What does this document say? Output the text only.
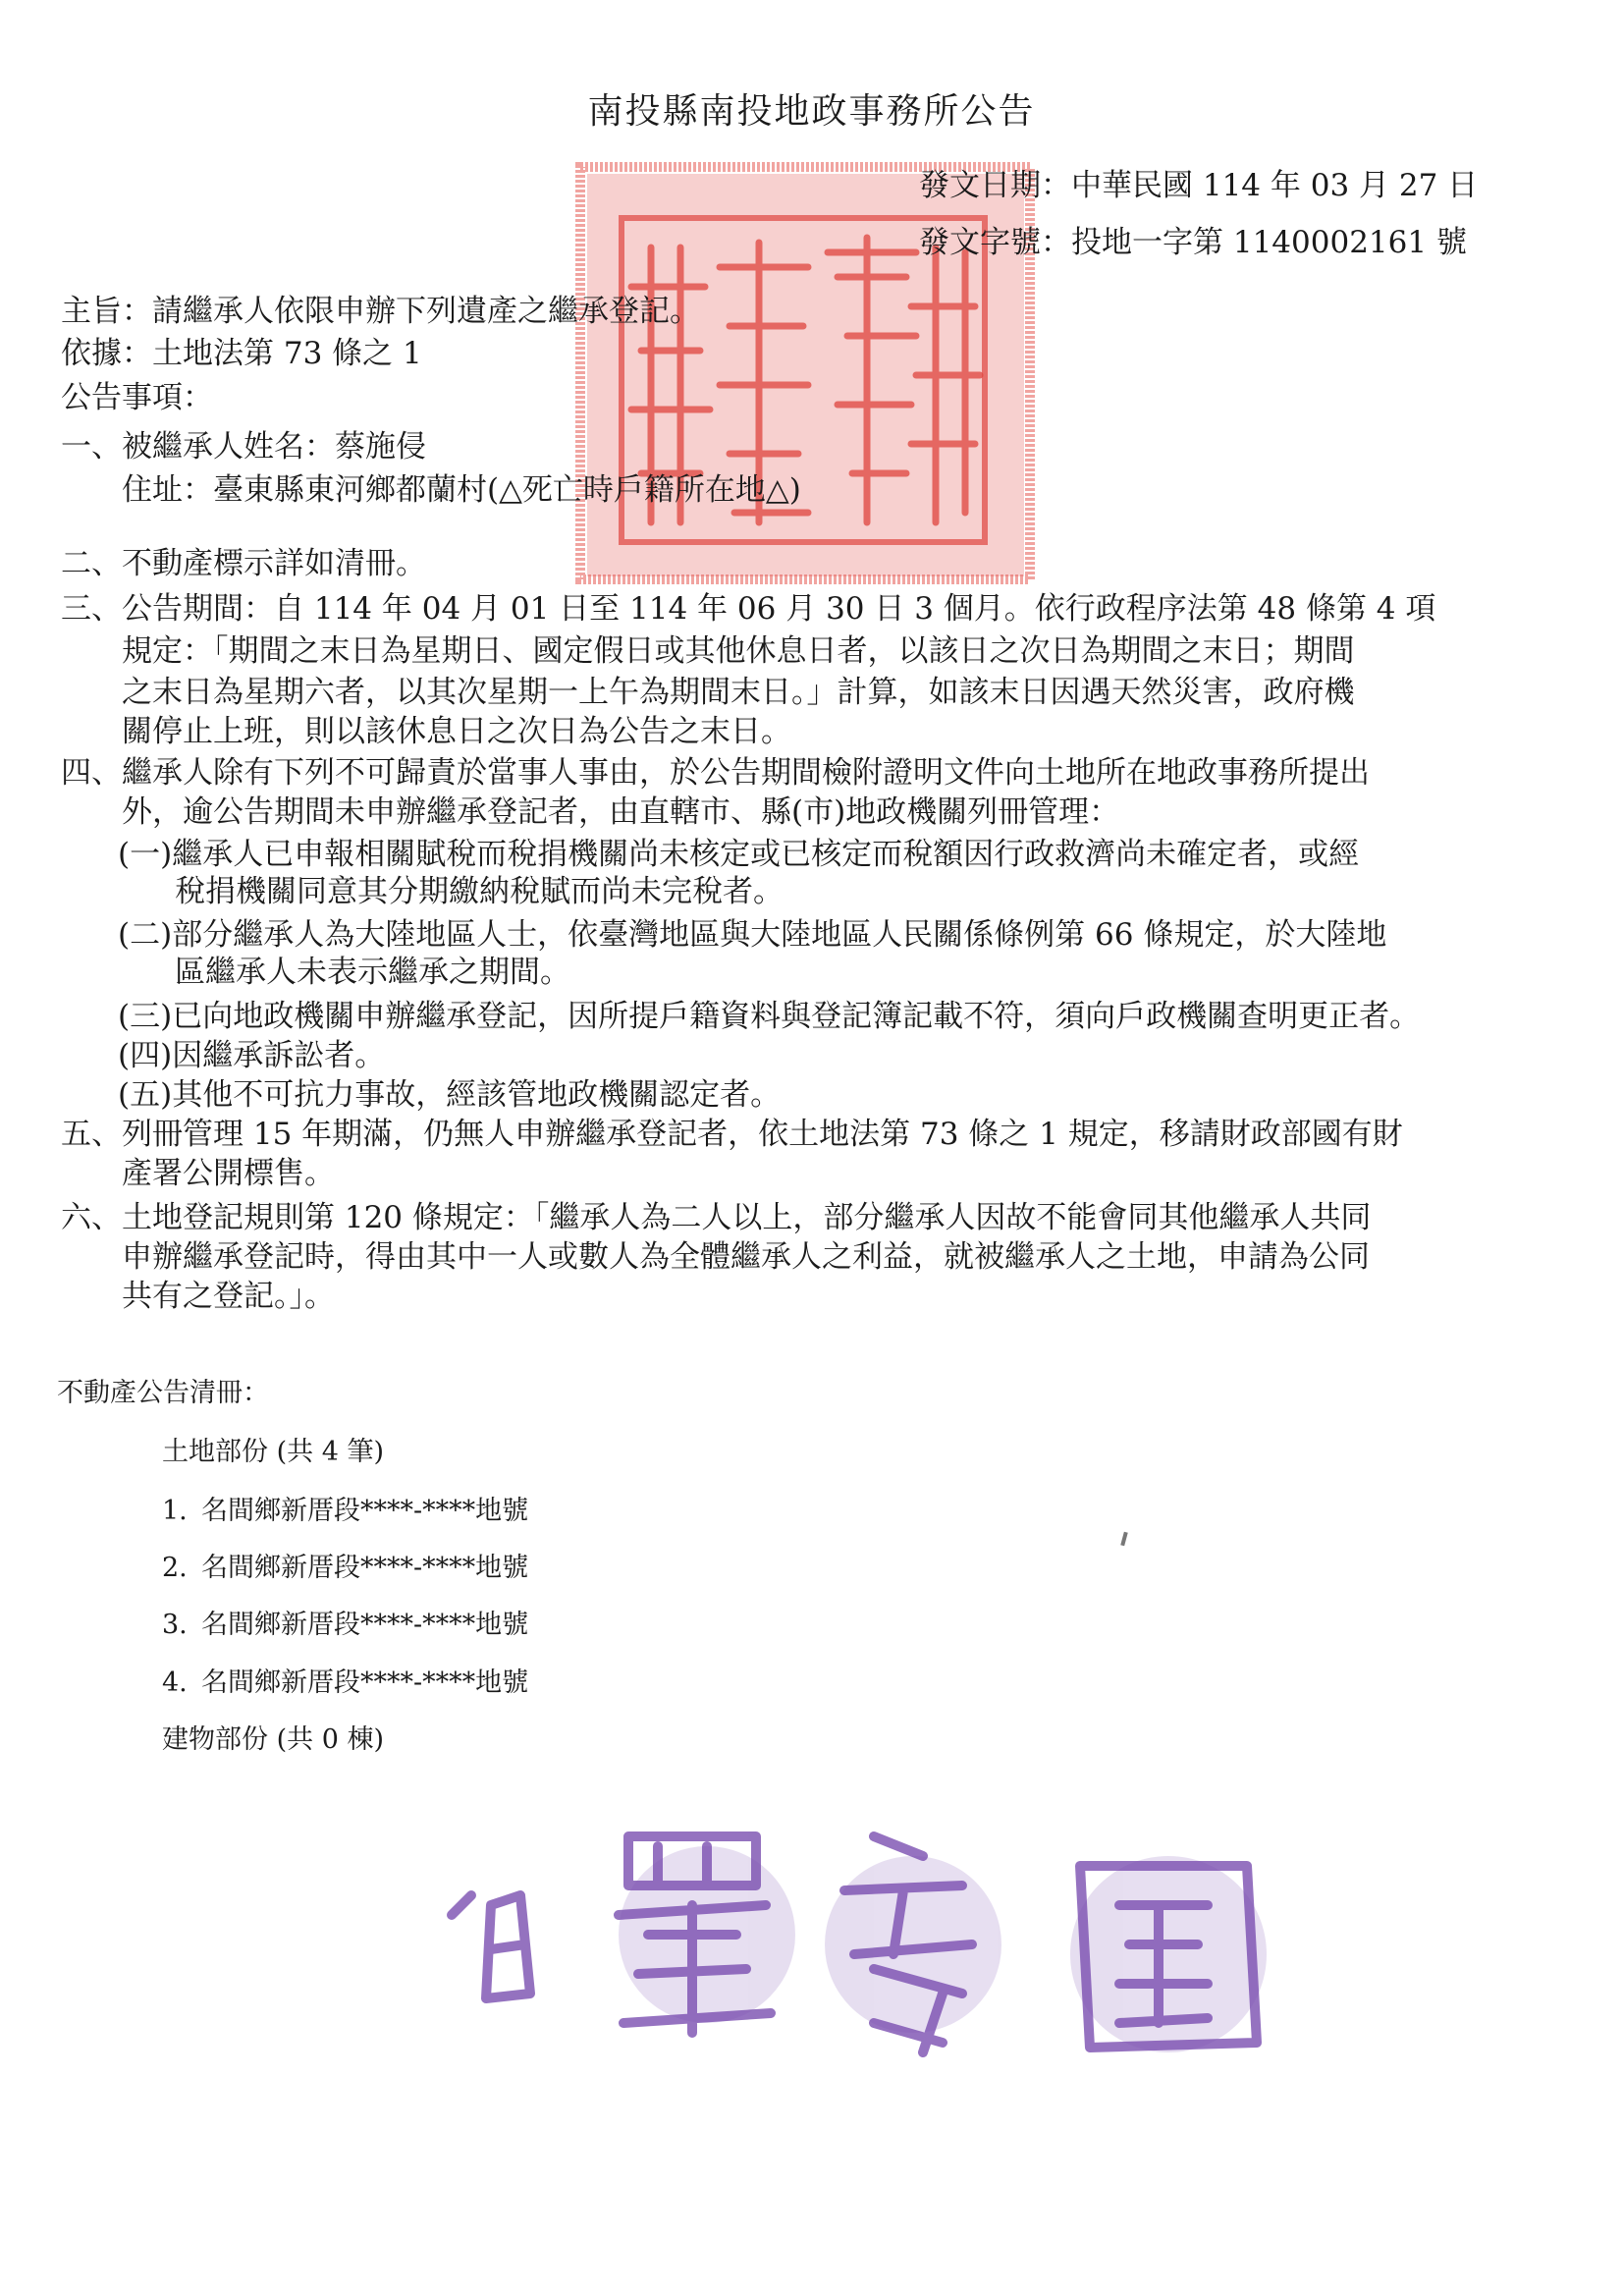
南投縣南投地政事務所公告
發文日期：中華民國 114 年 03 月 27 日
發文字號：投地一字第 1140002161 號
主旨：請繼承人依限申辦下列遺產之繼承登記。
依據：土地法第 73 條之 1
公告事項：
一、 被繼承人姓名：蔡施侵
住址：臺東縣東河鄉都蘭村(△死亡時戶籍所在地△)
二、 不動產標示詳如清冊。
三、 公告期間：自 114 年 04 月 01 日至 114 年 06 月 30 日 3 個月。依行政程序法第 48 條第 4 項
規定：「期間之末日為星期日、國定假日或其他休息日者，以該日之次日為期間之末日；期間
之末日為星期六者，以其次星期一上午為期間末日。」計算，如該末日因遇天然災害，政府機
關停止上班，則以該休息日之次日為公告之末日。
四、 繼承人除有下列不可歸責於當事人事由，於公告期間檢附證明文件向土地所在地政事務所提出
外，逾公告期間未申辦繼承登記者，由直轄市、縣(市)地政機關列冊管理：
(一)繼承人已申報相關賦稅而稅捐機關尚未核定或已核定而稅額因行政救濟尚未確定者，或經
稅捐機關同意其分期繳納稅賦而尚未完稅者。
(二)部分繼承人為大陸地區人士，依臺灣地區與大陸地區人民關係條例第 66 條規定，於大陸地
區繼承人未表示繼承之期間。
(三)已向地政機關申辦繼承登記，因所提戶籍資料與登記簿記載不符，須向戶政機關查明更正者。
(四)因繼承訴訟者。
(五)其他不可抗力事故，經該管地政機關認定者。
五、 列冊管理 15 年期滿，仍無人申辦繼承登記者，依土地法第 73 條之 1 規定，移請財政部國有財
產署公開標售。
六、 土地登記規則第 120 條規定：「繼承人為二人以上，部分繼承人因故不能會同其他繼承人共同
申辦繼承登記時，得由其中一人或數人為全體繼承人之利益，就被繼承人之土地，申請為公同
共有之登記。」。
不動產公告清冊：
土地部份 (共 4 筆)
1. 名間鄉新厝段****-****地號
2. 名間鄉新厝段****-****地號
3. 名間鄉新厝段****-****地號
4. 名間鄉新厝段****-****地號
建物部份 (共 0 棟)
